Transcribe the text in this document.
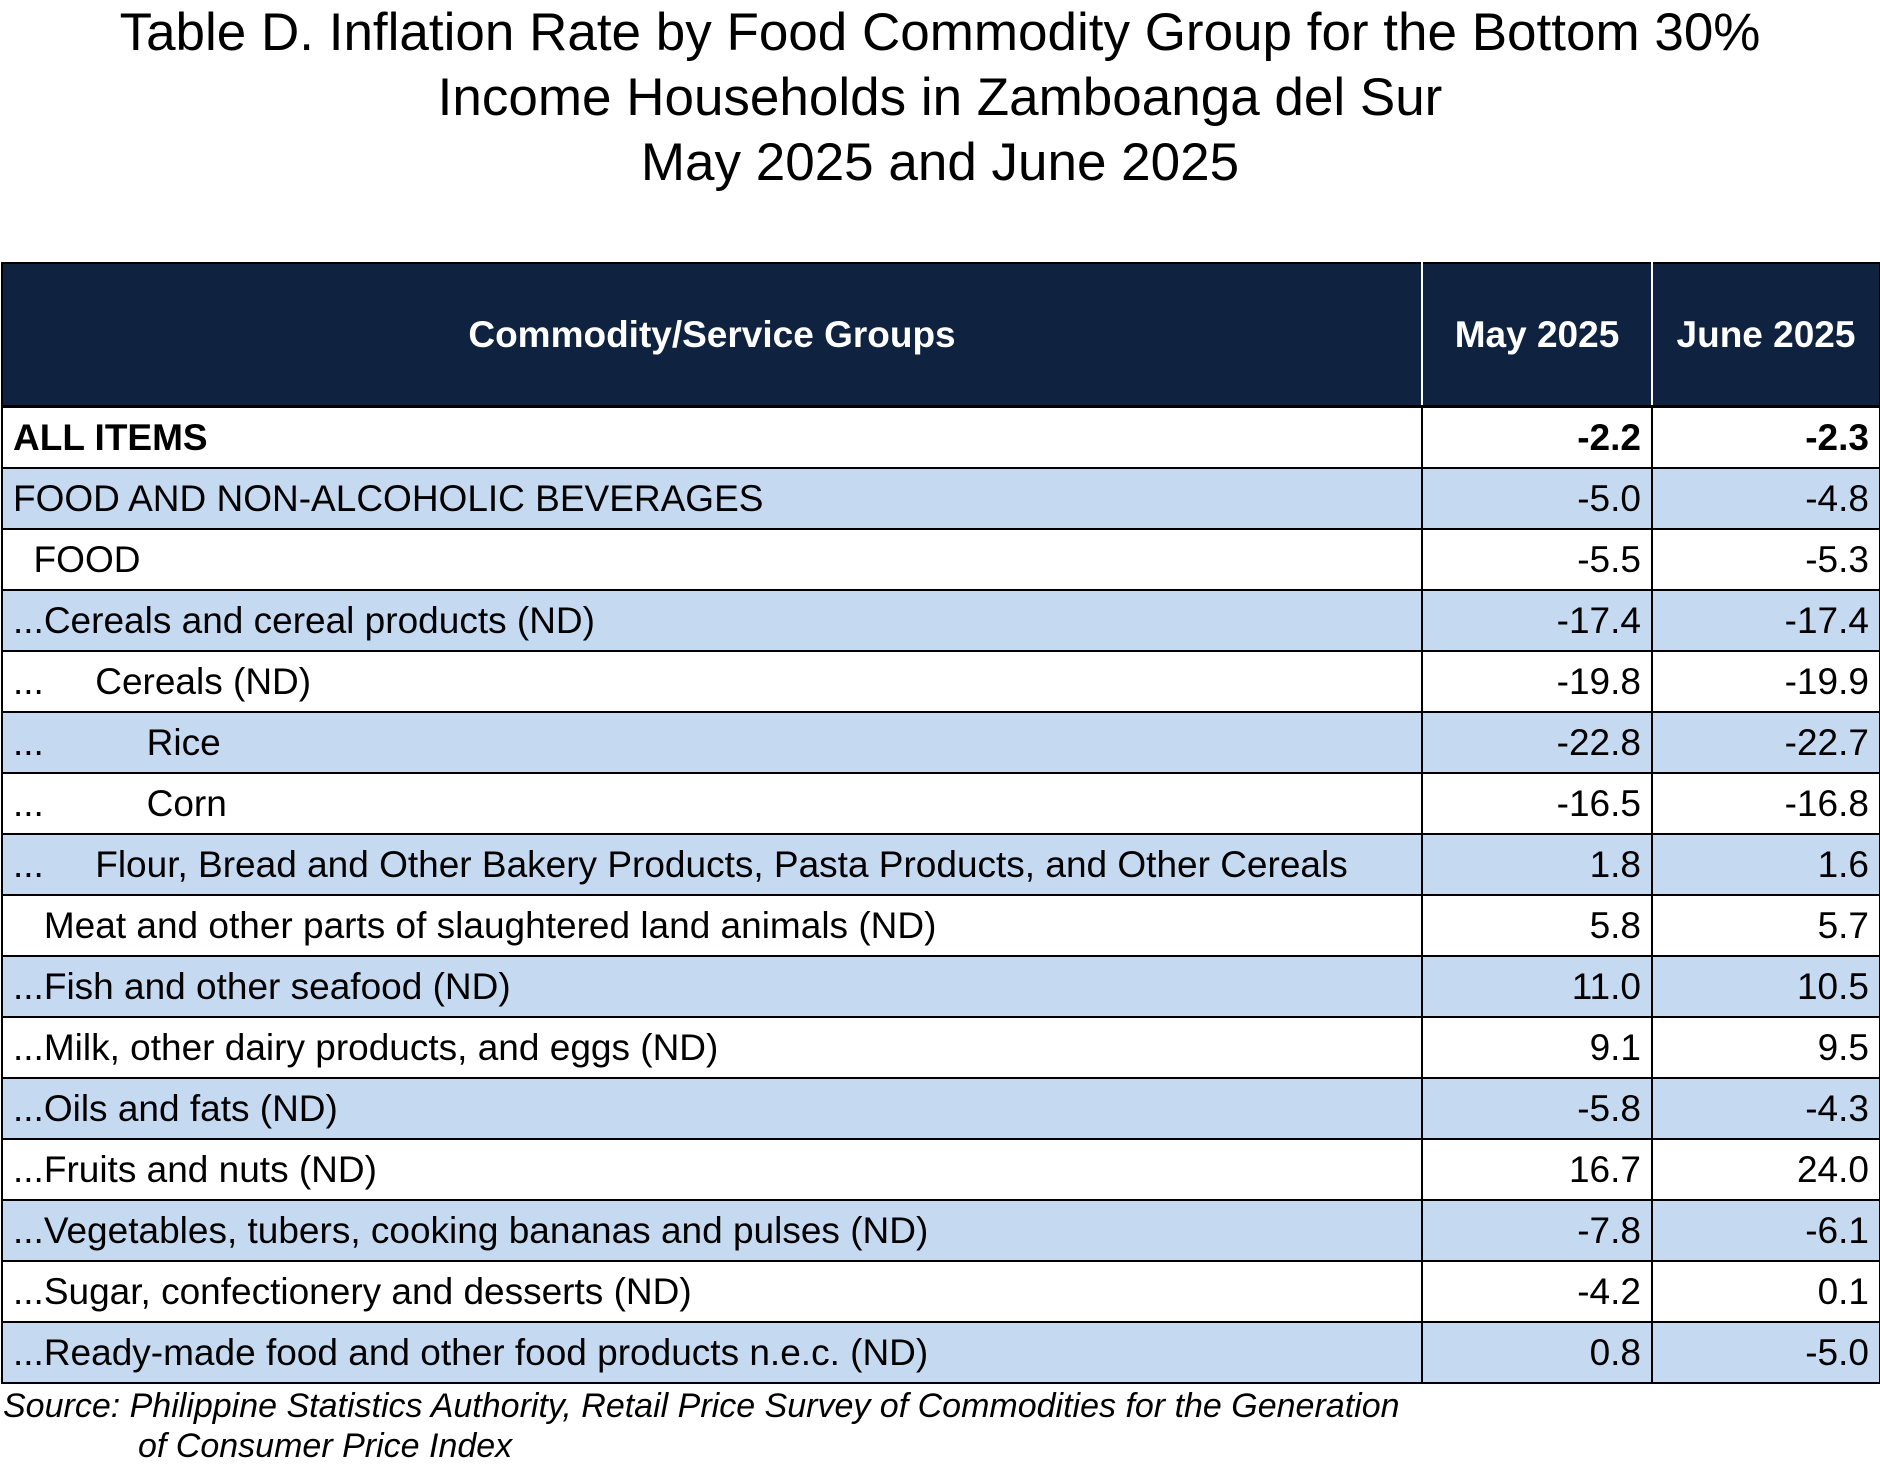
Table D. Inflation Rate by Food Commodity Group for the Bottom 30%
Income Households in Zamboanga del Sur
May 2025 and June 2025
Commodity/Service Groups	May 2025	June 2025
ALL ITEMS	-2.2	-2.3
FOOD AND NON-ALCOHOLIC BEVERAGES	-5.0	-4.8
FOOD	-5.5	-5.3
...Cereals and cereal products (ND)	-17.4	-17.4
...     Cereals (ND)	-19.8	-19.9
...          Rice	-22.8	-22.7
...          Corn	-16.5	-16.8
...     Flour, Bread and Other Bakery Products, Pasta Products, and Other Cereals	1.8	1.6
Meat and other parts of slaughtered land animals (ND)	5.8	5.7
...Fish and other seafood (ND)	11.0	10.5
...Milk, other dairy products, and eggs (ND)	9.1	9.5
...Oils and fats (ND)	-5.8	-4.3
...Fruits and nuts (ND)	16.7	24.0
...Vegetables, tubers, cooking bananas and pulses (ND)	-7.8	-6.1
...Sugar, confectionery and desserts (ND)	-4.2	0.1
...Ready-made food and other food products n.e.c. (ND)	0.8	-5.0
Source: Philippine Statistics Authority, Retail Price Survey of Commodities for the Generation
of Consumer Price Index
